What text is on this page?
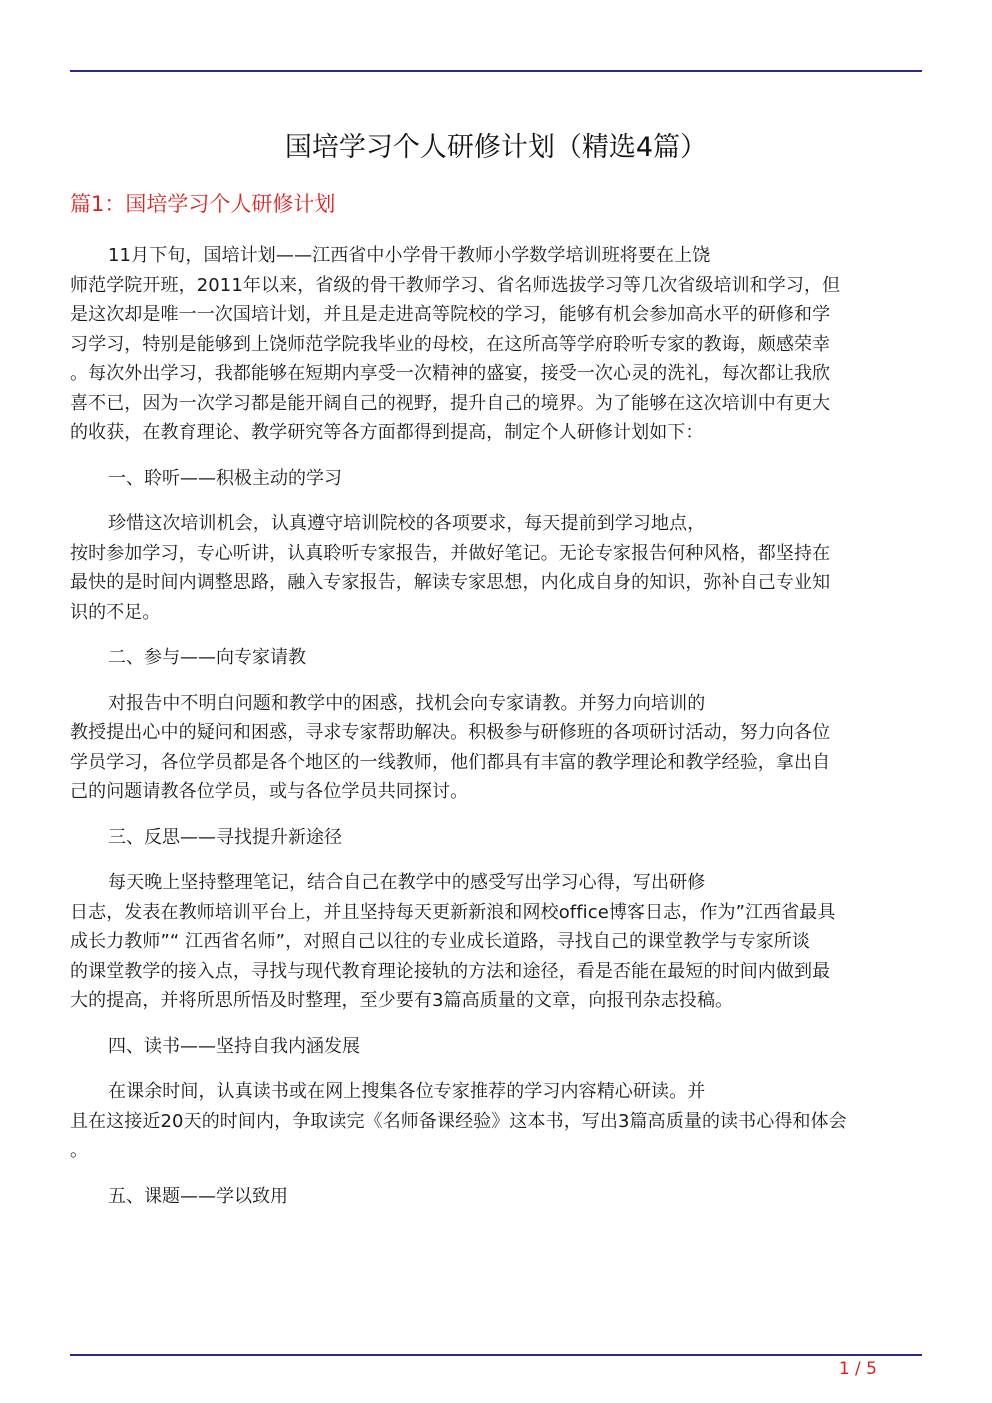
国培学习个人研修计划（精选4篇）
篇1：国培学习个人研修计划

11月下旬，国培计划——江西省中小学骨干教师小学数学培训班将要在上饶
师范学院开班，2011年以来，省级的骨干教师学习、省名师选拔学习等几次省级培训和学习，但
是这次却是唯一一次国培计划，并且是走进高等院校的学习，能够有机会参加高水平的研修和学
习学习，特别是能够到上饶师范学院我毕业的母校，在这所高等学府聆听专家的教诲，颇感荣幸
。每次外出学习，我都能够在短期内享受一次精神的盛宴，接受一次心灵的洗礼，每次都让我欣
喜不已，因为一次学习都是能开阔自己的视野，提升自己的境界。为了能够在这次培训中有更大
的收获，在教育理论、教学研究等各方面都得到提高，制定个人研修计划如下：

一、聆听——积极主动的学习

珍惜这次培训机会，认真遵守培训院校的各项要求，每天提前到学习地点，
按时参加学习，专心听讲，认真聆听专家报告，并做好笔记。无论专家报告何种风格，都坚持在
最快的是时间内调整思路，融入专家报告，解读专家思想，内化成自身的知识，弥补自己专业知
识的不足。

二、参与——向专家请教

对报告中不明白问题和教学中的困惑，找机会向专家请教。并努力向培训的
教授提出心中的疑问和困惑，寻求专家帮助解决。积极参与研修班的各项研讨活动，努力向各位
学员学习，各位学员都是各个地区的一线教师，他们都具有丰富的教学理论和教学经验，拿出自
己的问题请教各位学员，或与各位学员共同探讨。

三、反思——寻找提升新途径

每天晚上坚持整理笔记，结合自己在教学中的感受写出学习心得，写出研修
日志，发表在教师培训平台上，并且坚持每天更新新浪和网校office博客日志，作为”江西省最具
成长力教师”“ 江西省名师”，对照自己以往的专业成长道路，寻找自己的课堂教学与专家所谈
的课堂教学的接入点，寻找与现代教育理论接轨的方法和途径，看是否能在最短的时间内做到最
大的提高，并将所思所悟及时整理，至少要有3篇高质量的文章，向报刊杂志投稿。

四、读书——坚持自我内涵发展

在课余时间，认真读书或在网上搜集各位专家推荐的学习内容精心研读。并
且在这接近20天的时间内，争取读完《名师备课经验》这本书，写出3篇高质量的读书心得和体会
。

五、课题——学以致用

1 / 5
